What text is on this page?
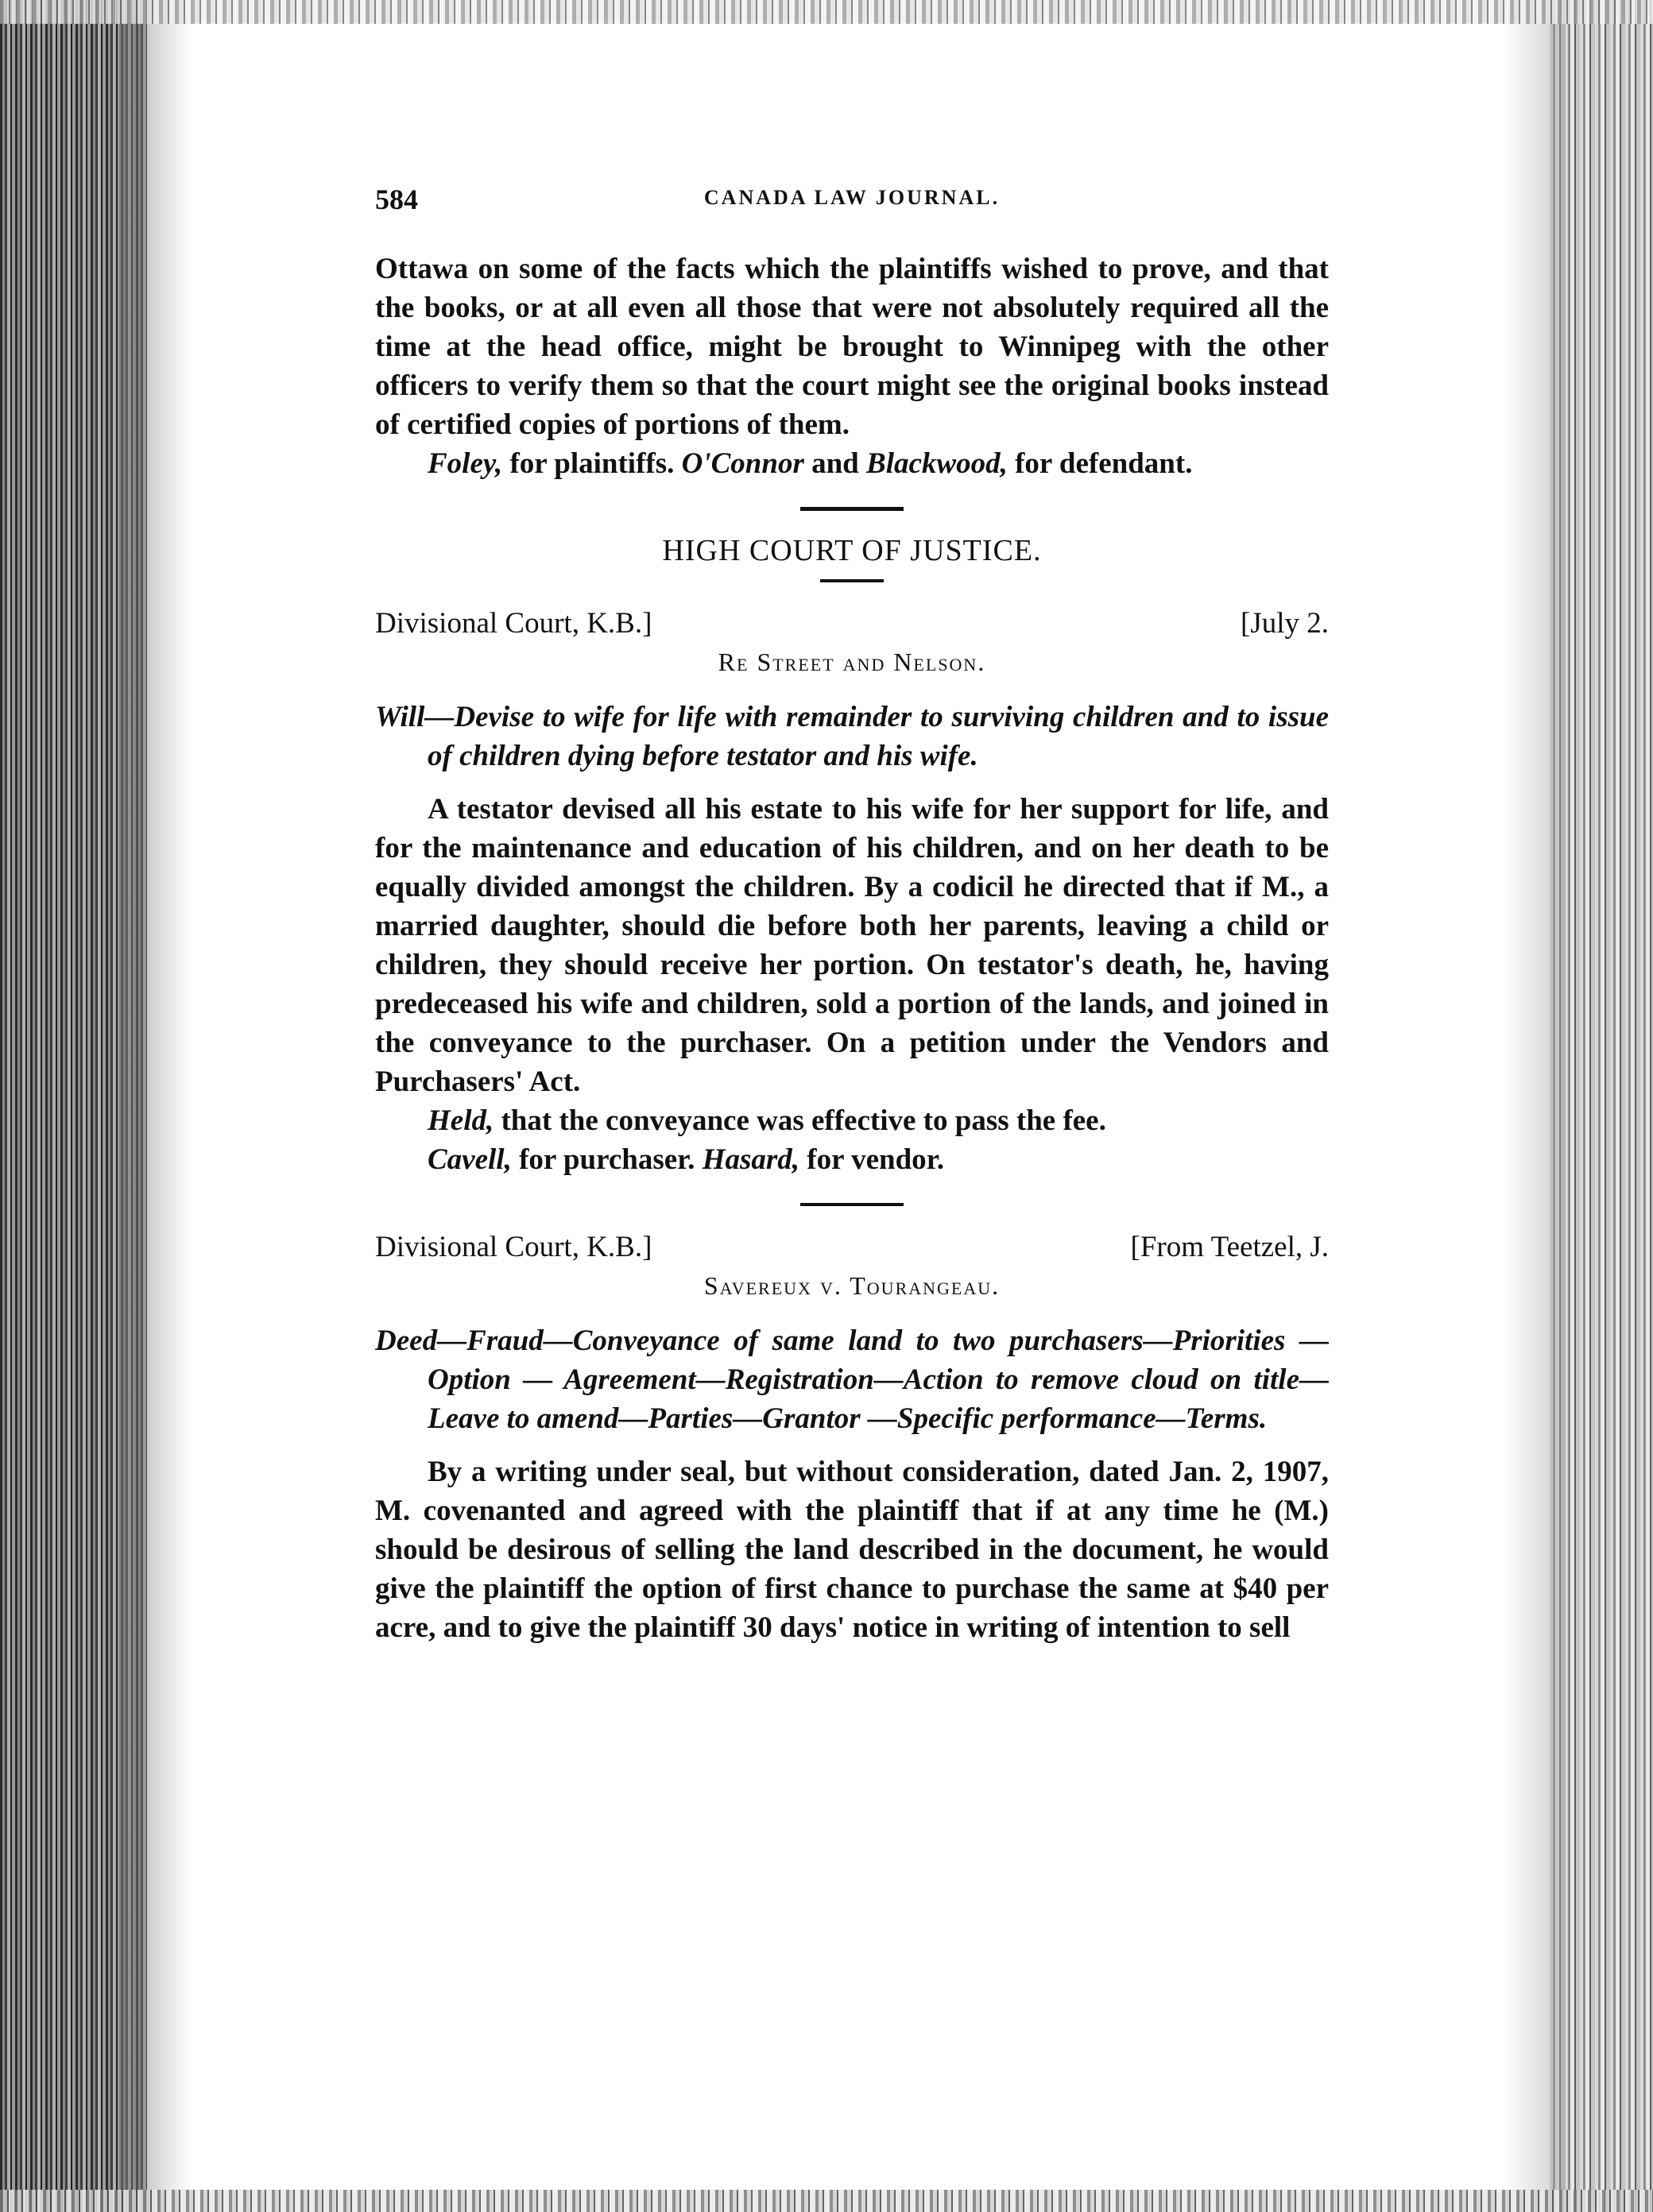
584	CANADA LAW JOURNAL.

Ottawa on some of the facts which the plaintiffs wished to prove, and that the books, or at all even all those that were not absolutely required all the time at the head office, might be brought to Winnipeg with the other officers to verify them so that the court might see the original books instead of certified copies of portions of them.

Foley, for plaintiffs. O'Connor and Blackwood, for defendant.

HIGH COURT OF JUSTICE.
Divisional Court, K.B.]	[July 2.

Re Street and Nelson.

Will—Devise to wife for life with remainder to surviving children and to issue of children dying before testator and his wife.

A testator devised all his estate to his wife for her support for life, and for the maintenance and education of his children, and on her death to be equally divided amongst the children. By a codicil he directed that if M., a married daughter, should die before both her parents, leaving a child or children, they should receive her portion. On testator's death, he, having predeceased his wife and children, sold a portion of the lands, and joined in the conveyance to the purchaser. On a petition under the Vendors and Purchasers' Act.

Held, that the conveyance was effective to pass the fee.

Cavell, for purchaser. Hasard, for vendor.

Divisional Court, K.B.]	[From Teetzel, J.

Savereux v. Tourangeau.

Deed—Fraud—Conveyance of same land to two purchasers—Priorities — Option — Agreement—Registration—Action to remove cloud on title—Leave to amend—Parties—Grantor —Specific performance—Terms.

By a writing under seal, but without consideration, dated Jan. 2, 1907, M. covenanted and agreed with the plaintiff that if at any time he (M.) should be desirous of selling the land described in the document, he would give the plaintiff the option of first chance to purchase the same at $40 per acre, and to give the plaintiff 30 days' notice in writing of intention to sell
